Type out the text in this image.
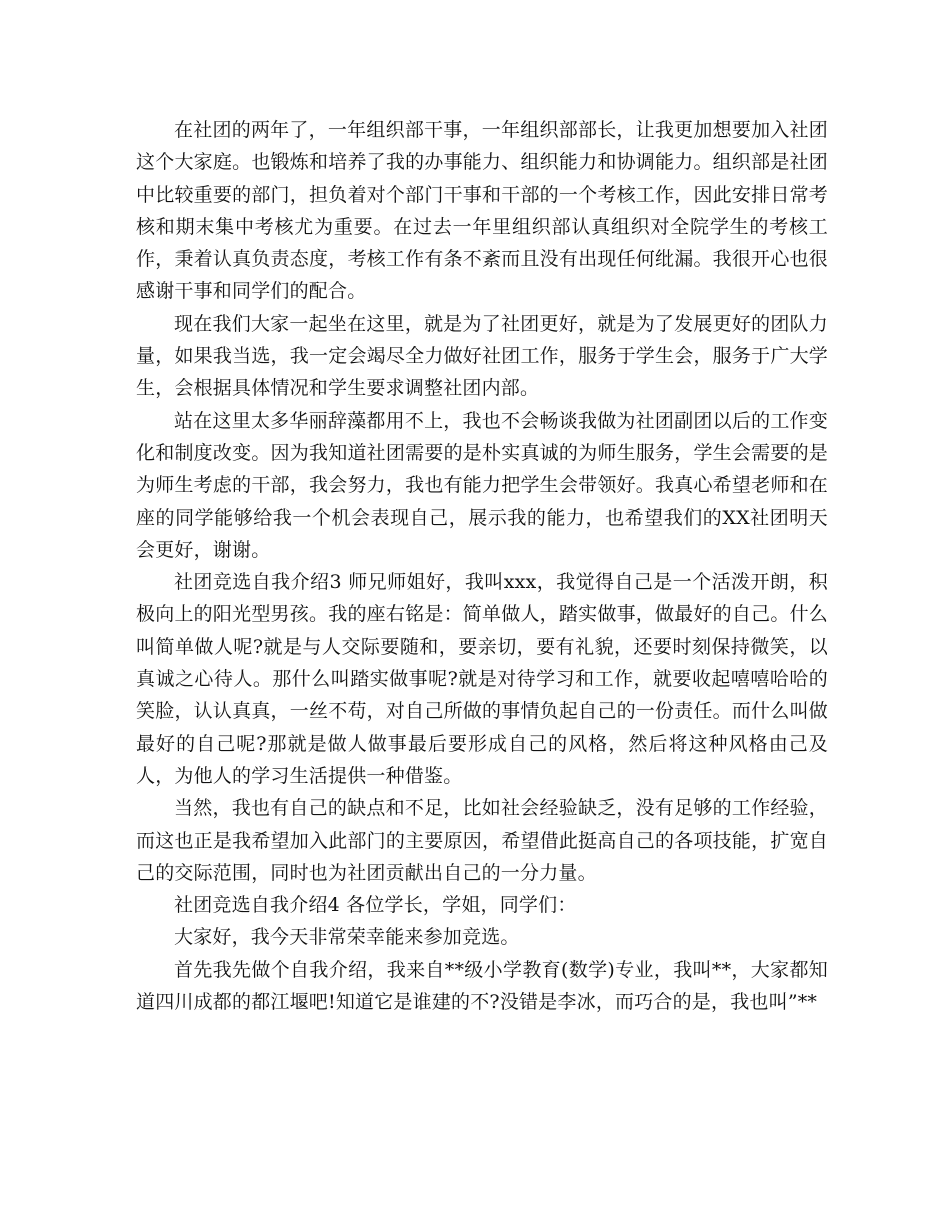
在社团的两年了，一年组织部干事，一年组织部部长，让我更加想要加入社团这个大家庭。也锻炼和培养了我的办事能力、组织能力和协调能力。组织部是社团中比较重要的部门，担负着对个部门干事和干部的一个考核工作，因此安排日常考核和期末集中考核尤为重要。在过去一年里组织部认真组织对全院学生的考核工作，秉着认真负责态度，考核工作有条不紊而且没有出现任何纰漏。我很开心也很感谢干事和同学们的配合。

现在我们大家一起坐在这里，就是为了社团更好，就是为了发展更好的团队力量，如果我当选，我一定会竭尽全力做好社团工作，服务于学生会，服务于广大学生，会根据具体情况和学生要求调整社团内部。

站在这里太多华丽辞藻都用不上，我也不会畅谈我做为社团副团以后的工作变化和制度改变。因为我知道社团需要的是朴实真诚的为师生服务，学生会需要的是为师生考虑的干部，我会努力，我也有能力把学生会带领好。我真心希望老师和在座的同学能够给我一个机会表现自己，展示我的能力，也希望我们的XX社团明天会更好，谢谢。

社团竞选自我介绍3 师兄师姐好，我叫xxx，我觉得自己是一个活泼开朗，积极向上的阳光型男孩。我的座右铭是：简单做人，踏实做事，做最好的自己。什么叫简单做人呢?就是与人交际要随和，要亲切，要有礼貌，还要时刻保持微笑，以真诚之心待人。那什么叫踏实做事呢?就是对待学习和工作，就要收起嘻嘻哈哈的笑脸，认认真真，一丝不苟，对自己所做的事情负起自己的一份责任。而什么叫做最好的自己呢?那就是做人做事最后要形成自己的风格，然后将这种风格由己及人，为他人的学习生活提供一种借鉴。

当然，我也有自己的缺点和不足，比如社会经验缺乏，没有足够的工作经验，而这也正是我希望加入此部门的主要原因，希望借此挺高自己的各项技能，扩宽自己的交际范围，同时也为社团贡献出自己的一分力量。

社团竞选自我介绍4 各位学长，学姐，同学们：

大家好，我今天非常荣幸能来参加竞选。

首先我先做个自我介绍，我来自**级小学教育(数学)专业，我叫**，大家都知道四川成都的都江堰吧!知道它是谁建的不?没错是李冰，而巧合的是，我也叫”**
